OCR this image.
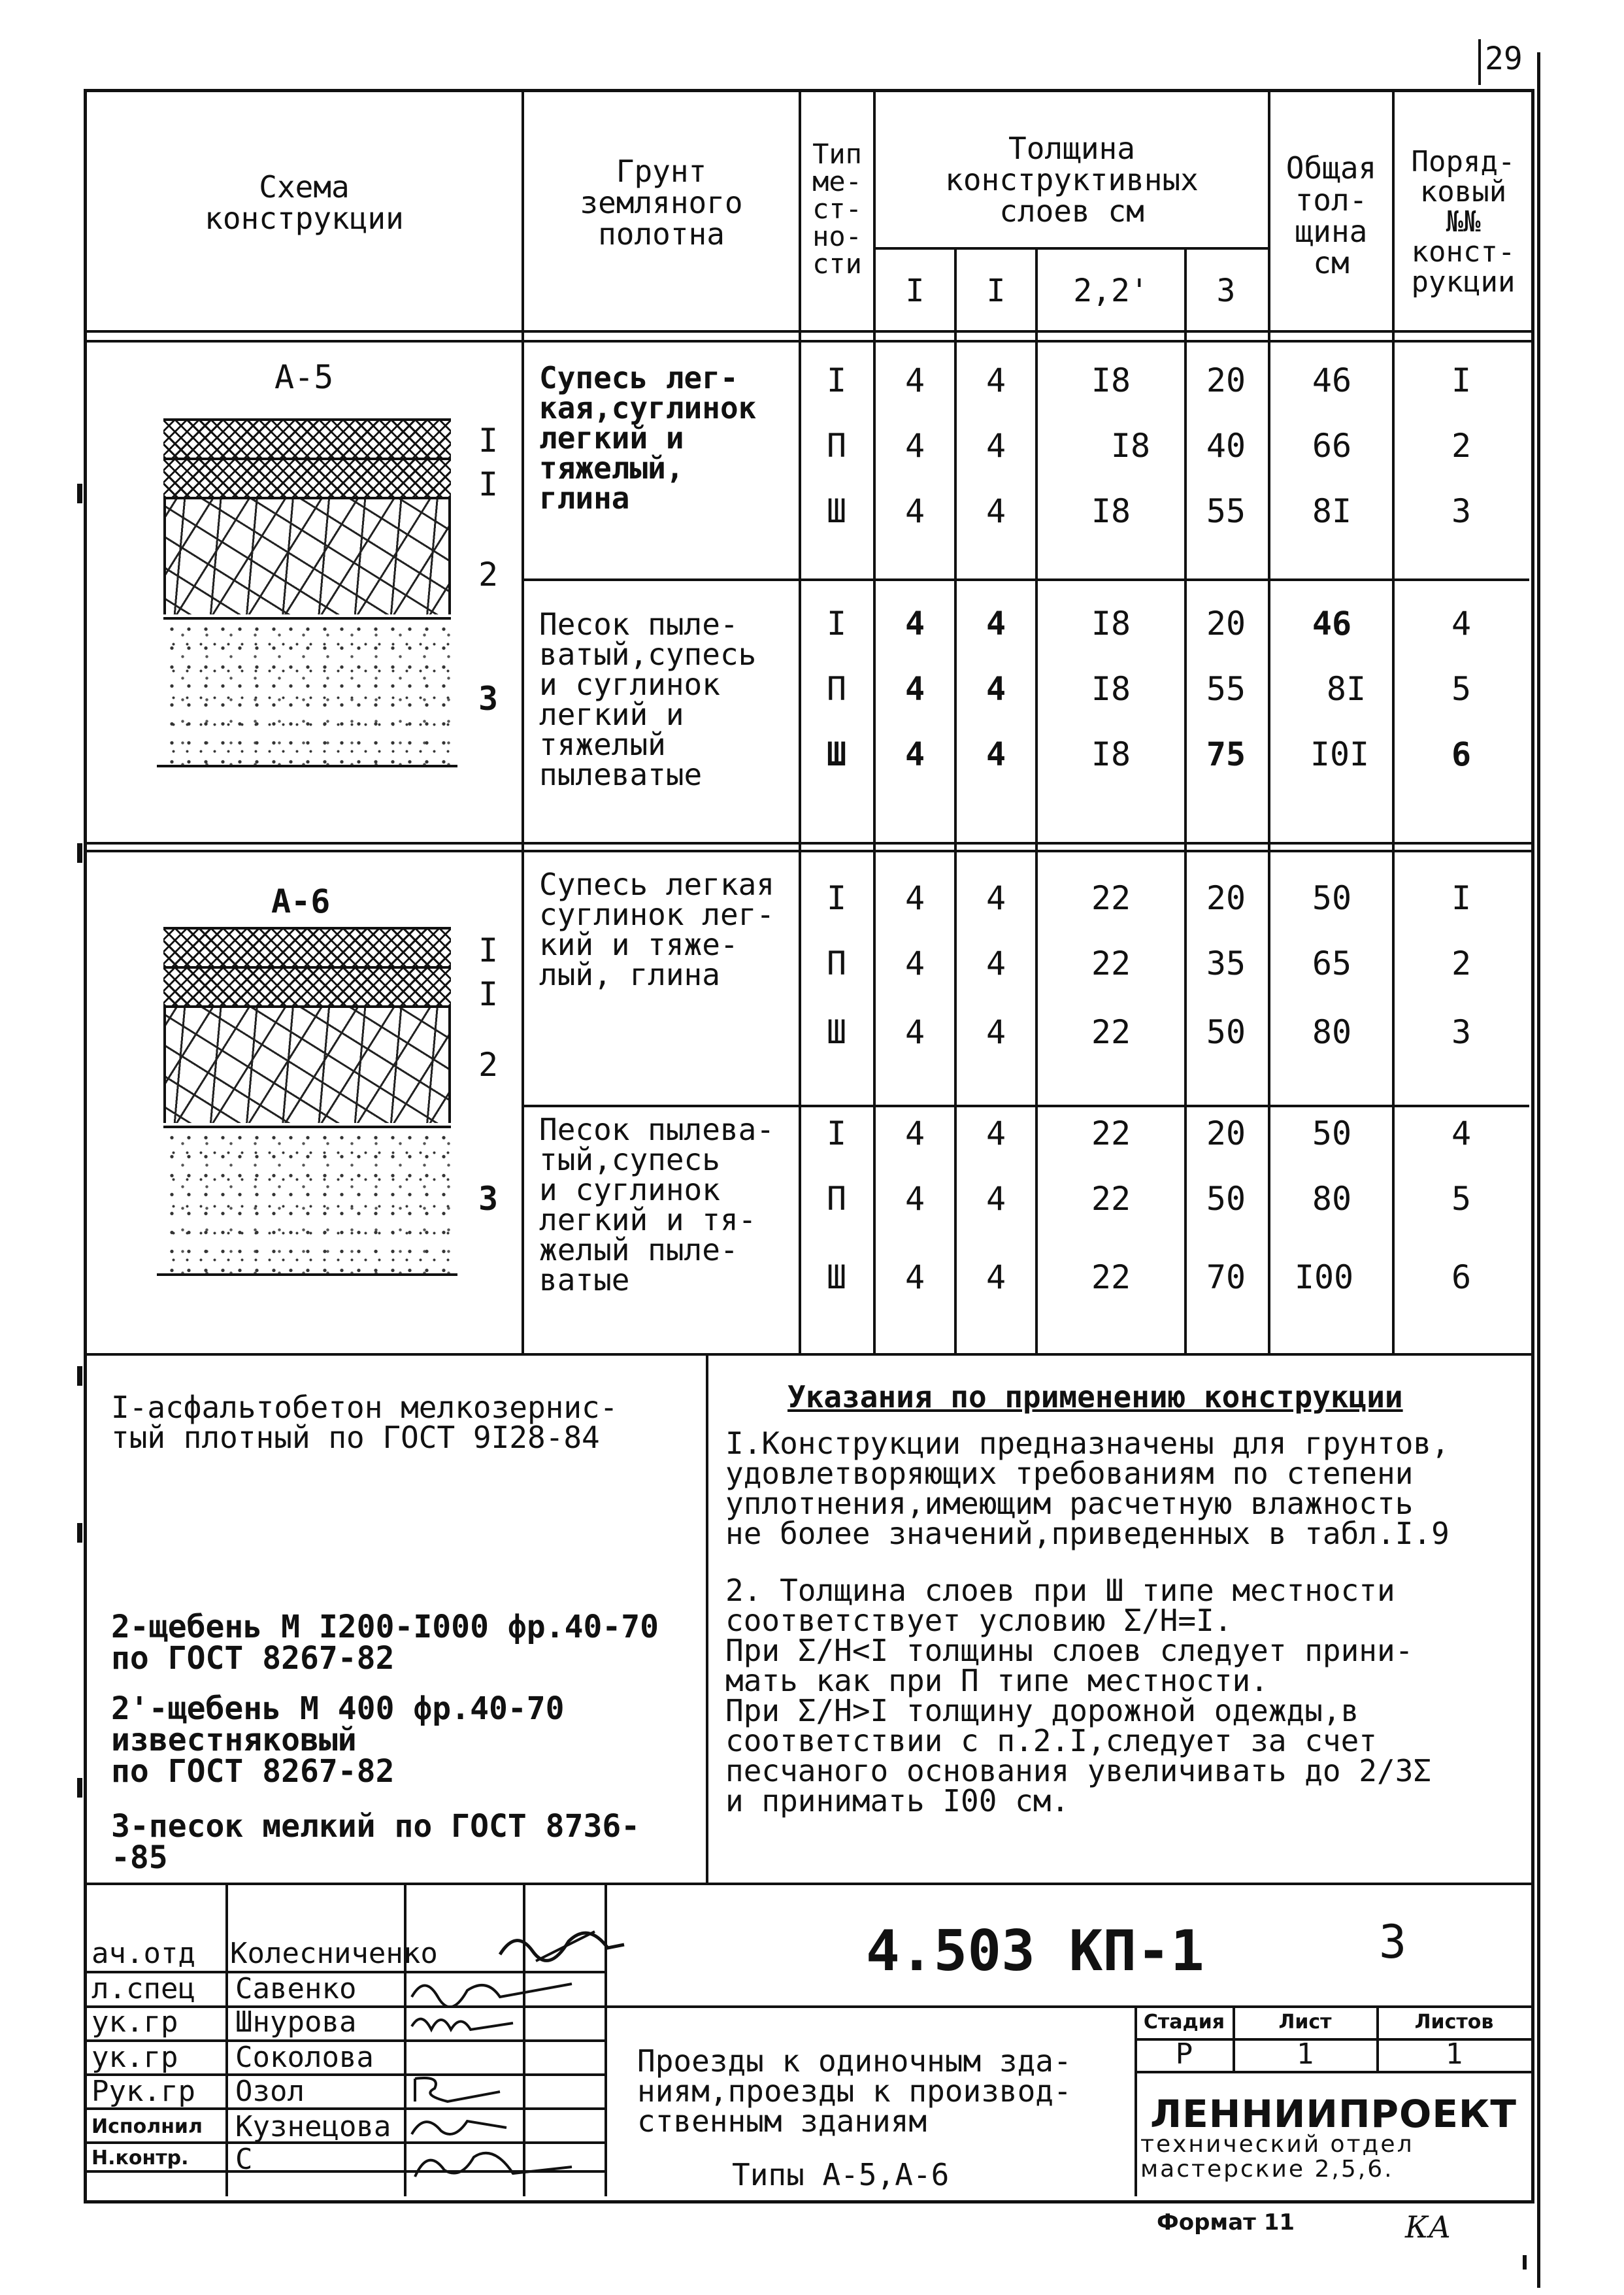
29
Схема
конструкции
Грунт
земляного
полотна
Тип
ме-
ст-
но-
сти
Толщина
конструктивных
слоев см
I	I	2,2'	3
Общая
тол-
щина
см
Поряд-
ковый
№№
конст-
рукции
А-5
I
I
2
3
Супесь лег-
кая,суглинок
легкий и
тяжелый,
глина
I	4	4	I8	20	46	I
П	4	4	I8	40	66	2
Ш	4	4	I8	55	8I	3
Песок пыле-
ватый,супесь
и суглинок
легкий и
тяжелый
пылеватые
I	4	4	I8	20	46	4
П	4	4	I8	55	8I	5
Ш	4	4	I8	75	I0I	6
А-6
I
I
2
3
Супесь легкая
суглинок лег-
кий и тяже-
лый, глина
I	4	4	22	20	50	I
П	4	4	22	35	65	2
Ш	4	4	22	50	80	3
Песок пылева-
тый,супесь
и суглинок
легкий и тя-
желый пыле-
ватые
I	4	4	22	20	50	4
П	4	4	22	50	80	5
Ш	4	4	22	70	I00	6
I-асфальтобетон мелкозернис-
тый плотный по ГОСТ 9I28-84
2-щебень М I200-I000 фр.40-70
по ГОСТ 8267-82
2'-щебень М 400 фр.40-70
известняковый
по ГОСТ 8267-82
3-песок мелкий по ГОСТ 8736-
-85
Указания по применению конструкции
I.Конструкции предназначены для грунтов,
удовлетворяющих требованиям по степени
уплотнения,имеющим расчетную влажность
не более значений,приведенных в табл.I.9
2. Толщина слоев при Ш типе местности
соответствует условию Σ/Н=I.
При Σ/Н<I толщины слоев следует прини-
мать как при П типе местности.
При Σ/Н>I толщину дорожной одежды,в
соответствии с п.2.I,следует за счет
песчаного основания увеличивать до 2/3Σ
и принимать I00 см.
ач.отд Колесниченко
л.спец Савенко
ук.гр Шнурова
ук.гр Соколова
Рук.гр Озол
Исполнил Кузнецова
Н.контр. С
4.503 КП-1	3
Проезды к одиночным зда-
ниям,проезды к производ-
ственным зданиям
Типы А-5,А-6
Стадия	Лист	Листов
Р	1	1
ЛЕННИИПРОЕКТ
технический отдел
мастерские 2,5,6.
Формат 11	КА
